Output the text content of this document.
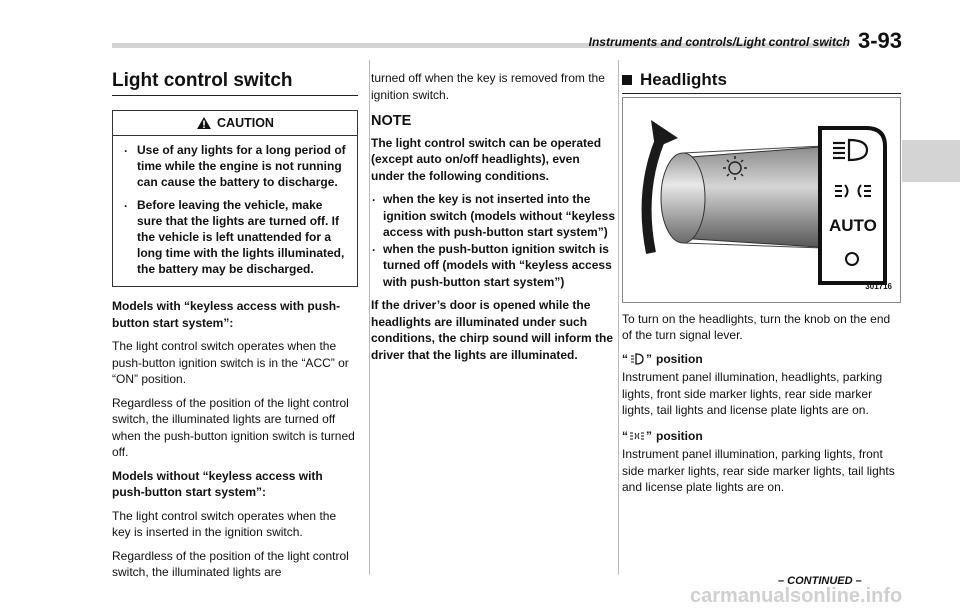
Instruments and controls/Light control switch 3-93
Light control switch
CAUTION
. Use of any lights for a long period of time while the engine is not running can cause the battery to discharge.
. Before leaving the vehicle, make sure that the lights are turned off. If the vehicle is left unattended for a long time with the lights illuminated, the battery may be discharged.

Models with “keyless access with push-button start system”:

The light control switch operates when the push-button ignition switch is in the “ACC” or “ON” position.

Regardless of the position of the light control switch, the illuminated lights are turned off when the push-button ignition switch is turned off.

Models without “keyless access with push-button start system”:

The light control switch operates when the key is inserted in the ignition switch.

Regardless of the position of the light control switch, the illuminated lights are

turned off when the key is removed from the ignition switch.

NOTE

The light control switch can be operated (except auto on/off headlights), even under the following conditions.

. when the key is not inserted into the ignition switch (models without “keyless access with push-button start system”)
. when the push-button ignition switch is turned off (models with “keyless access with push-button start system”)

If the driver’s door is opened while the headlights are illuminated under such conditions, the chirp sound will inform the driver that the lights are illuminated.

Headlights
AUTO
301716

To turn on the headlights, turn the knob on the end of the turn signal lever.

“ ” position

Instrument panel illumination, headlights, parking lights, front side marker lights, rear side marker lights, tail lights and license plate lights are on.

“ ” position

Instrument panel illumination, parking lights, front side marker lights, rear side marker lights, tail lights and license plate lights are on.

– CONTINUED –
carmanualsonline.info
